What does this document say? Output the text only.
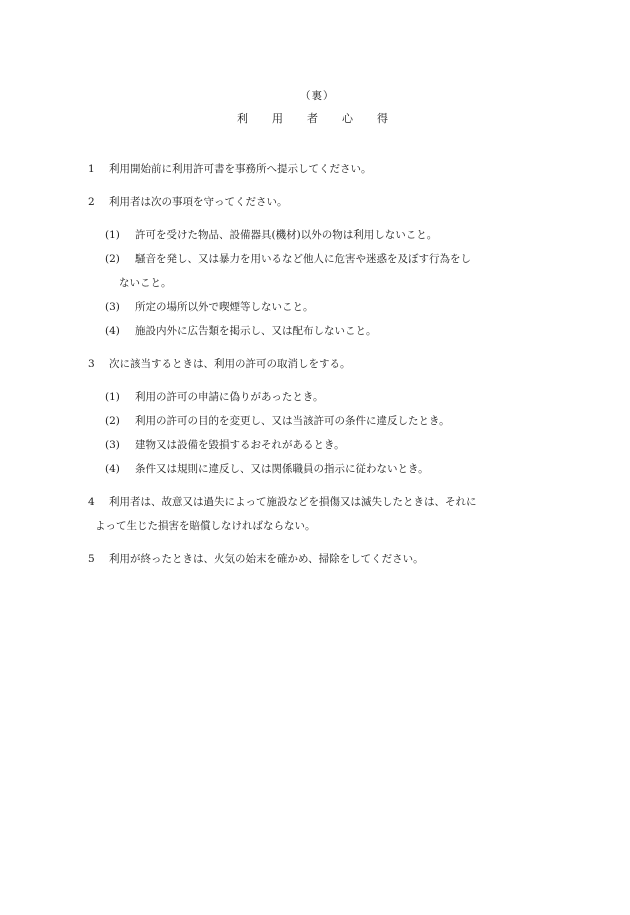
（裏）
利 用 者 心 得
1	利用開始前に利用許可書を事務所へ提示してください。
2	利用者は次の事項を守ってください。
(1)	許可を受けた物品、設備器具(機材)以外の物は利用しないこと。
(2)	騒音を発し、又は暴力を用いるなど他人に危害や迷惑を及ぼす行為をし
ないこと。
(3)	所定の場所以外で喫煙等しないこと。
(4)	施設内外に広告類を掲示し、又は配布しないこと。
3	次に該当するときは、利用の許可の取消しをする。
(1)	利用の許可の申請に偽りがあったとき。
(2)	利用の許可の目的を変更し、又は当該許可の条件に違反したとき。
(3)	建物又は設備を毀損するおそれがあるとき。
(4)	条件又は規則に違反し、又は関係職員の指示に従わないとき。
4	利用者は、故意又は過失によって施設などを損傷又は滅失したときは、それに
よって生じた損害を賠償しなければならない。
5	利用が終ったときは、火気の始末を確かめ、掃除をしてください。
